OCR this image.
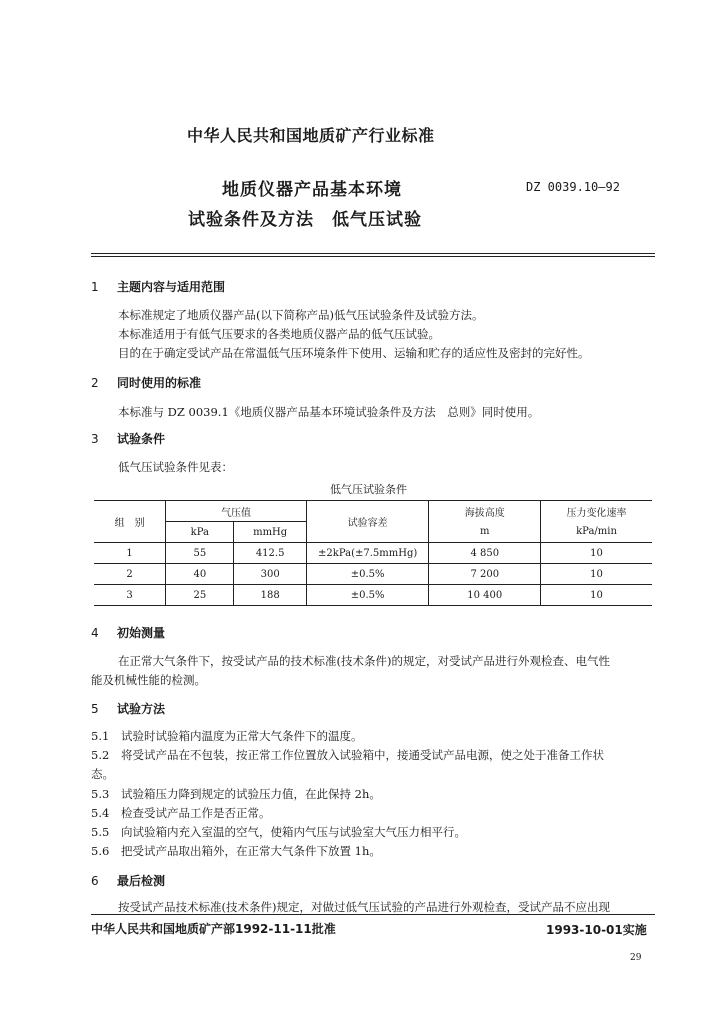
中华人民共和国地质矿产行业标准
地质仪器产品基本环境
试验条件及方法　低气压试验
DZ 0039.10—92
1 主题内容与适用范围
本标准规定了地质仪器产品(以下简称产品)低气压试验条件及试验方法。
本标准适用于有低气压要求的各类地质仪器产品的低气压试验。
目的在于确定受试产品在常温低气压环境条件下使用、运输和贮存的适应性及密封的完好性。
2 同时使用的标准
本标准与 DZ 0039.1《地质仪器产品基本环境试验条件及方法　总则》同时使用。
3 试验条件
低气压试验条件见表：
低气压试验条件
组　别	气压值		试验容差	海拔高度	压力变化速率
	kPa	mmHg		m	kPa/min
1	55	412.5	±2kPa(±7.5mmHg)	4 850	10
2	40	300	±0.5%	7 200	10
3	25	188	±0.5%	10 400	10
4 初始测量
在正常大气条件下，按受试产品的技术标准(技术条件)的规定，对受试产品进行外观检查、电气性
能及机械性能的检测。
5 试验方法
5.1 试验时试验箱内温度为正常大气条件下的温度。
5.2 将受试产品在不包装，按正常工作位置放入试验箱中，接通受试产品电源，使之处于准备工作状
态。
5.3 试验箱压力降到规定的试验压力值，在此保持 2h。
5.4 检查受试产品工作是否正常。
5.5 向试验箱内充入室温的空气，使箱内气压与试验室大气压力相平行。
5.6 把受试产品取出箱外，在正常大气条件下放置 1h。
6 最后检测
按受试产品技术标准(技术条件)规定，对做过低气压试验的产品进行外观检查，受试产品不应出现
中华人民共和国地质矿产部1992-11-11批准	1993-10-01实施
29
